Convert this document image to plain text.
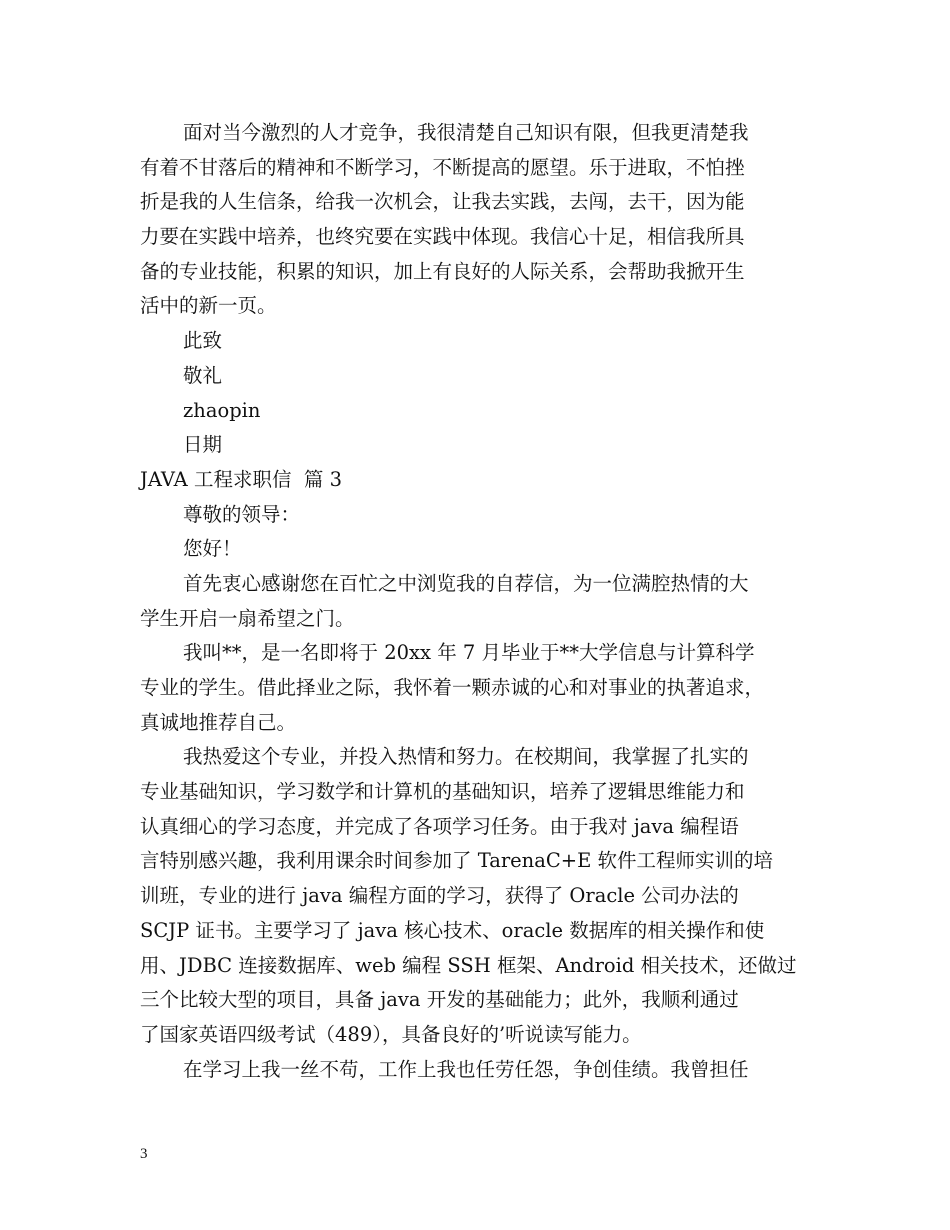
面对当今激烈的人才竞争，我很清楚自己知识有限，但我更清楚我
有着不甘落后的精神和不断学习，不断提高的愿望。乐于进取，不怕挫
折是我的人生信条，给我一次机会，让我去实践，去闯，去干，因为能
力要在实践中培养，也终究要在实践中体现。我信心十足，相信我所具
备的专业技能，积累的知识，加上有良好的人际关系，会帮助我掀开生
活中的新一页。
此致
敬礼
zhaopin
日期
JAVA 工程求职信  篇 3
尊敬的领导：
您好！
首先衷心感谢您在百忙之中浏览我的自荐信，为一位满腔热情的大
学生开启一扇希望之门。
我叫**，是一名即将于 20xx 年 7 月毕业于**大学信息与计算科学
专业的学生。借此择业之际，我怀着一颗赤诚的心和对事业的执著追求，
真诚地推荐自己。
我热爱这个专业，并投入热情和努力。在校期间，我掌握了扎实的
专业基础知识，学习数学和计算机的基础知识，培养了逻辑思维能力和
认真细心的学习态度，并完成了各项学习任务。由于我对 java 编程语
言特别感兴趣，我利用课余时间参加了 TarenaC+E 软件工程师实训的培
训班，专业的进行 java 编程方面的学习，获得了 Oracle 公司办法的
SCJP 证书。主要学习了 java 核心技术、oracle 数据库的相关操作和使
用、JDBC 连接数据库、web 编程 SSH 框架、Android 相关技术，还做过
三个比较大型的项目，具备 java 开发的基础能力；此外，我顺利通过
了国家英语四级考试（489），具备良好的’听说读写能力。
在学习上我一丝不苟，工作上我也任劳任怨，争创佳绩。我曾担任
3
